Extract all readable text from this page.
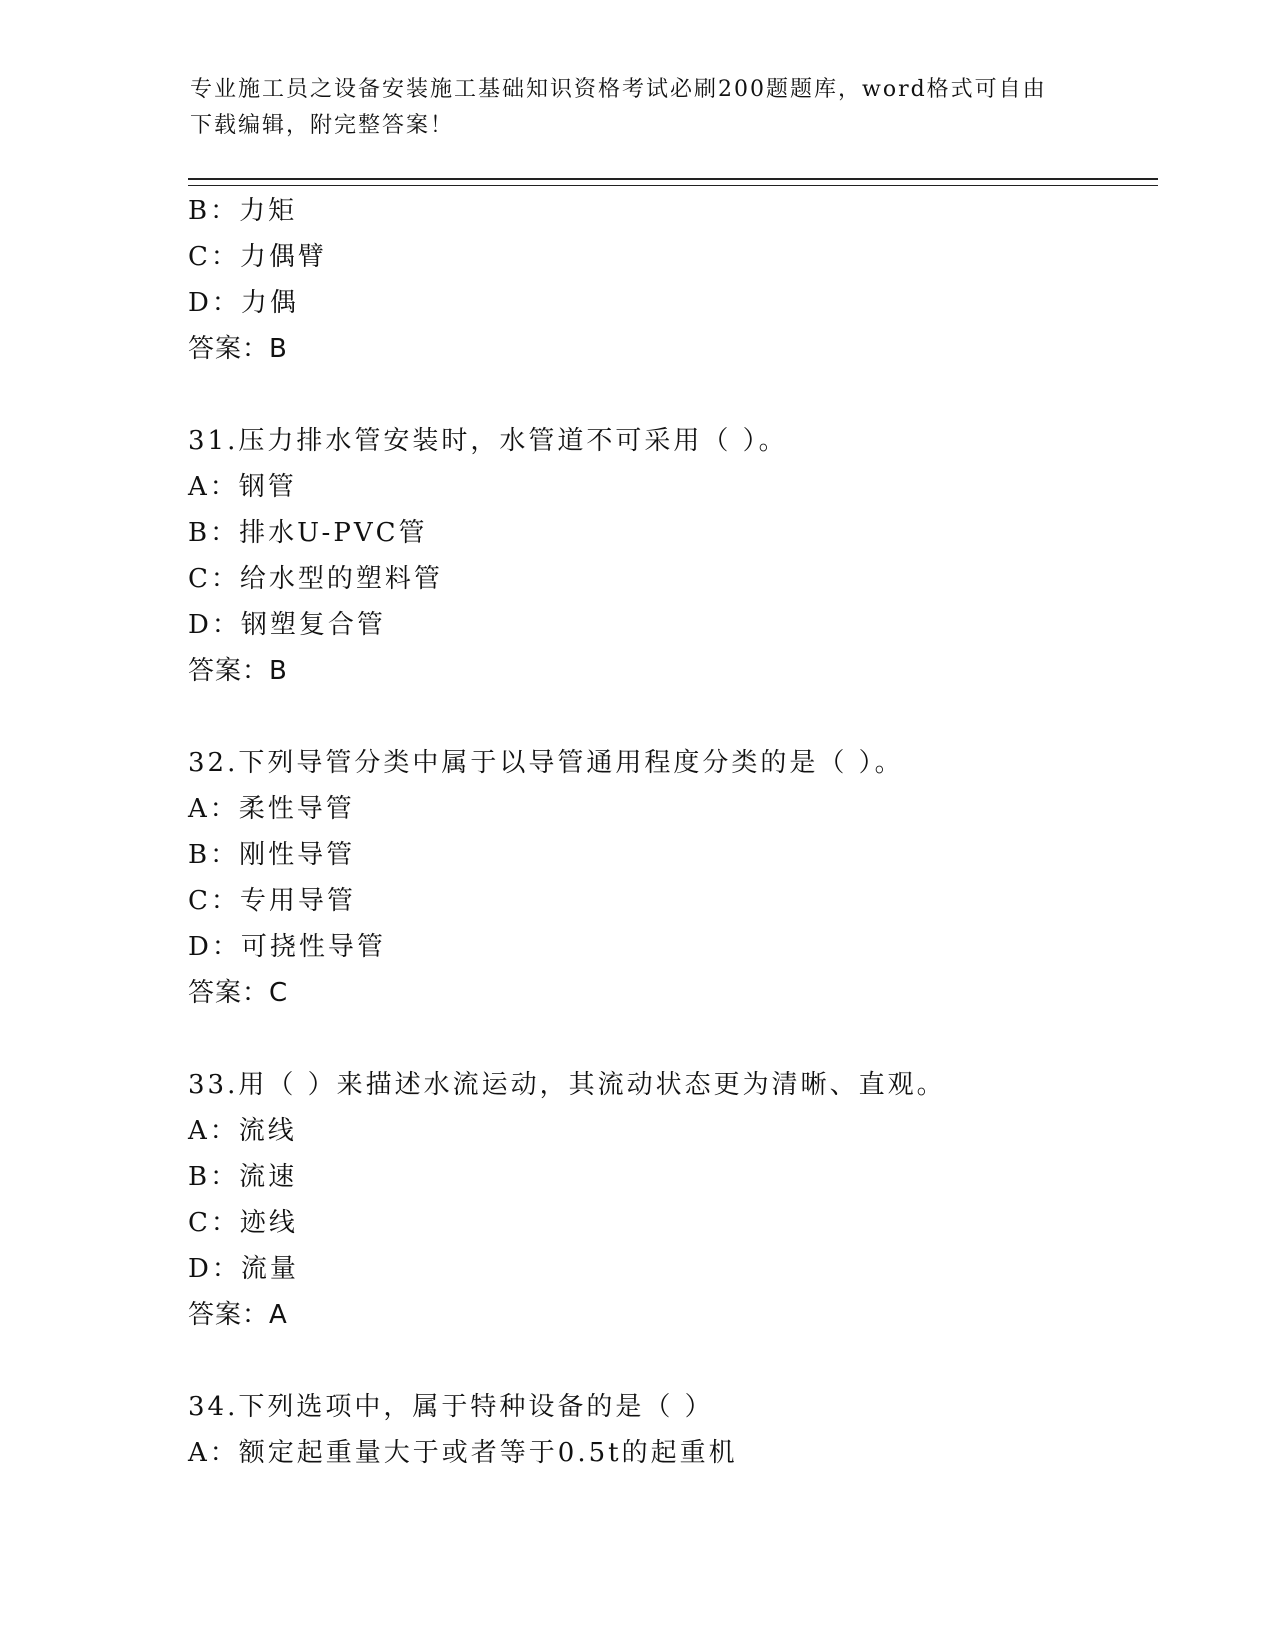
专业施工员之设备安装施工基础知识资格考试必刷200题题库，word格式可自由
下载编辑，附完整答案！
B：力矩
C：力偶臂
D：力偶
答案：B
31.压力排水管安装时，水管道不可采用（ ）。
A：钢管
B：排水U-PVC管
C：给水型的塑料管
D：钢塑复合管
答案：B
32.下列导管分类中属于以导管通用程度分类的是（ ）。
A：柔性导管
B：刚性导管
C：专用导管
D：可挠性导管
答案：C
33.用（ ）来描述水流运动，其流动状态更为清晰、直观。
A：流线
B：流速
C：迹线
D：流量
答案：A
34.下列选项中，属于特种设备的是（ ）
A：额定起重量大于或者等于0.5t的起重机
